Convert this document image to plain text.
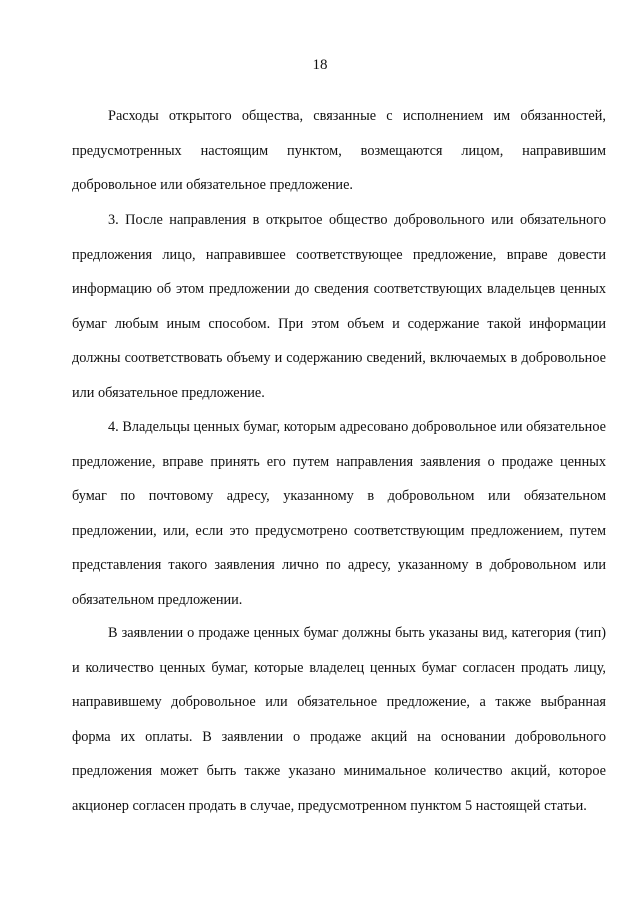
18

Расходы открытого общества, связанные с исполнением им обязанностей, предусмотренных настоящим пунктом, возмещаются лицом, направившим добровольное или обязательное предложение.

3. После направления в открытое общество добровольного или обязательного предложения лицо, направившее соответствующее предложение, вправе довести информацию об этом предложении до сведения соответствующих владельцев ценных бумаг любым иным способом. При этом объем и содержание такой информации должны соответствовать объему и содержанию сведений, включаемых в добровольное или обязательное предложение.

4. Владельцы ценных бумаг, которым адресовано добровольное или обязательное предложение, вправе принять его путем направления заявления о продаже ценных бумаг по почтовому адресу, указанному в добровольном или обязательном предложении, или, если это предусмотрено соответствующим предложением, путем представления такого заявления лично по адресу, указанному в добровольном или обязательном предложении.

В заявлении о продаже ценных бумаг должны быть указаны вид, категория (тип) и количество ценных бумаг, которые владелец ценных бумаг согласен продать лицу, направившему добровольное или обязательное предложение, а также выбранная форма их оплаты. В заявлении о продаже акций на основании добровольного предложения может быть также указано минимальное количество акций, которое акционер согласен продать в случае, предусмотренном пунктом 5 настоящей статьи.
